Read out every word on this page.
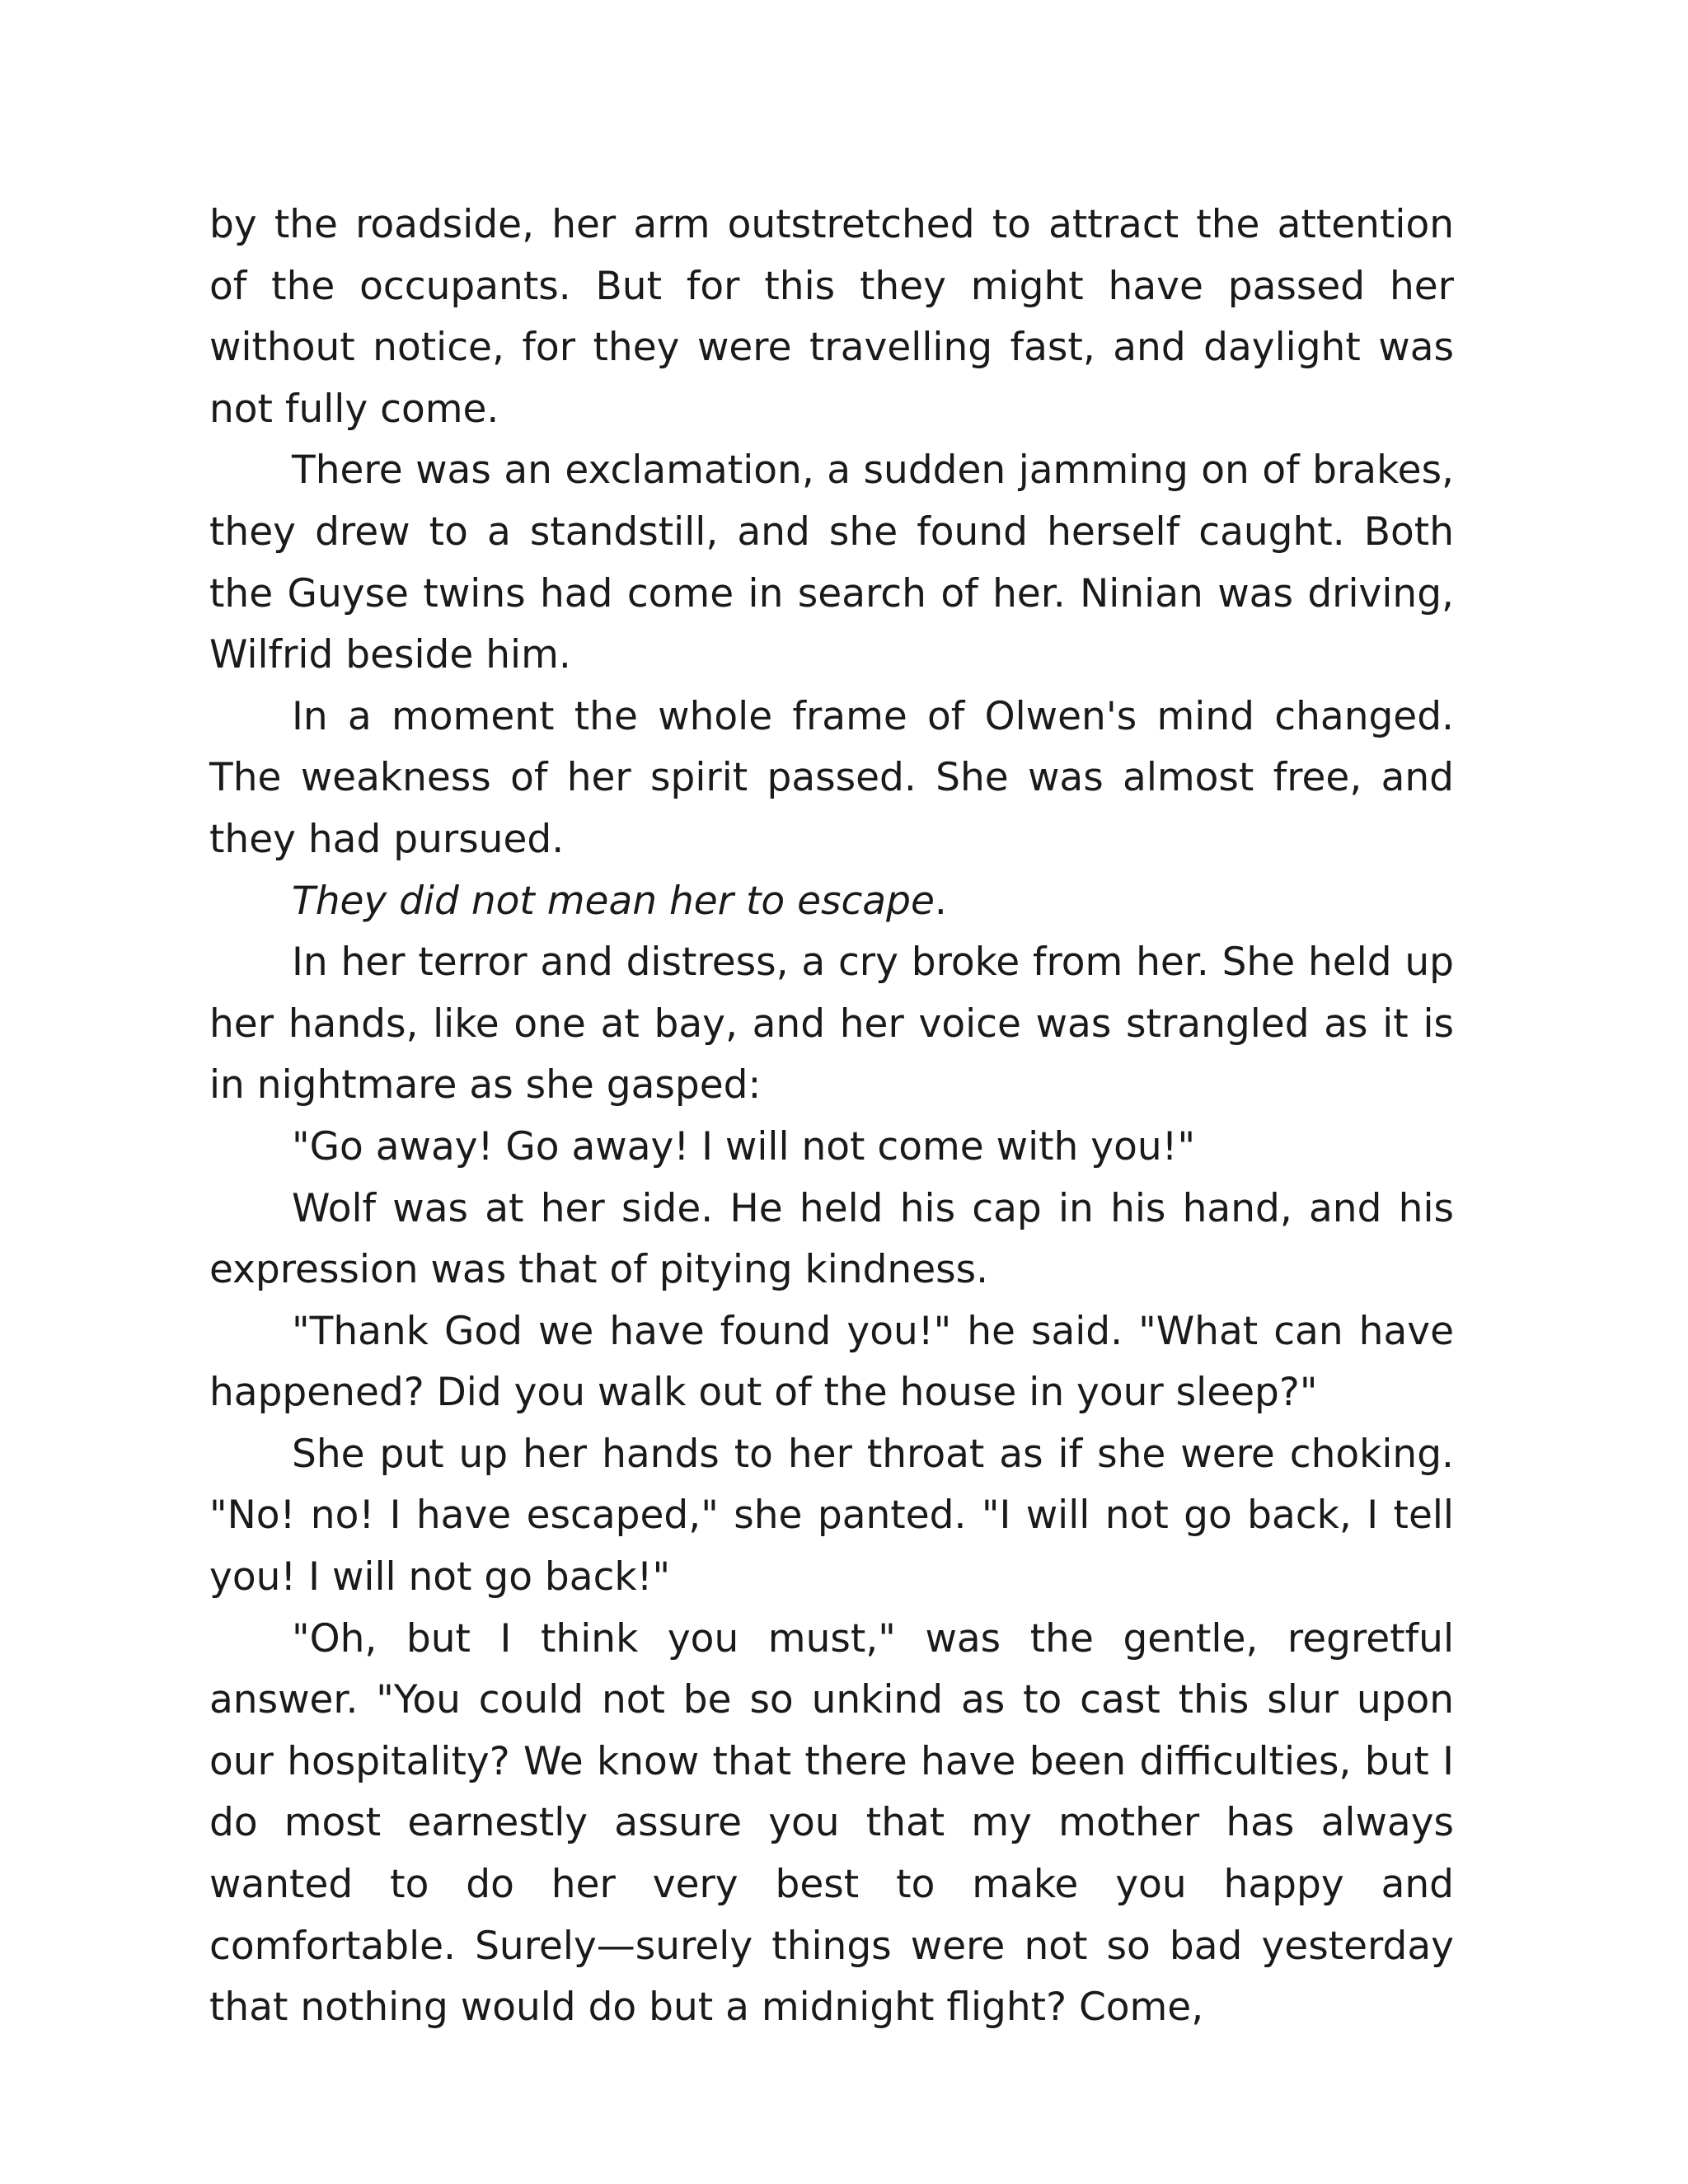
by the roadside, her arm outstretched to attract the attention of the occupants. But for this they might have passed her without notice, for they were travelling fast, and daylight was not fully come.

There was an exclamation, a sudden jamming on of brakes, they drew to a standstill, and she found herself caught. Both the Guyse twins had come in search of her. Ninian was driving, Wilfrid beside him.

In a moment the whole frame of Olwen's mind changed. The weakness of her spirit passed. She was almost free, and they had pursued.

They did not mean her to escape.

In her terror and distress, a cry broke from her. She held up her hands, like one at bay, and her voice was strangled as it is in nightmare as she gasped:

"Go away! Go away! I will not come with you!"

Wolf was at her side. He held his cap in his hand, and his expression was that of pitying kindness.

"Thank God we have found you!" he said. "What can have happened? Did you walk out of the house in your sleep?"

She put up her hands to her throat as if she were choking. "No! no! I have escaped," she panted. "I will not go back, I tell you! I will not go back!"

"Oh, but I think you must," was the gentle, regretful answer. "You could not be so unkind as to cast this slur upon our hospitality? We know that there have been difficulties, but I do most earnestly assure you that my mother has always wanted to do her very best to make you happy and comfortable. Surely—surely things were not so bad yesterday that nothing would do but a midnight flight? Come,
